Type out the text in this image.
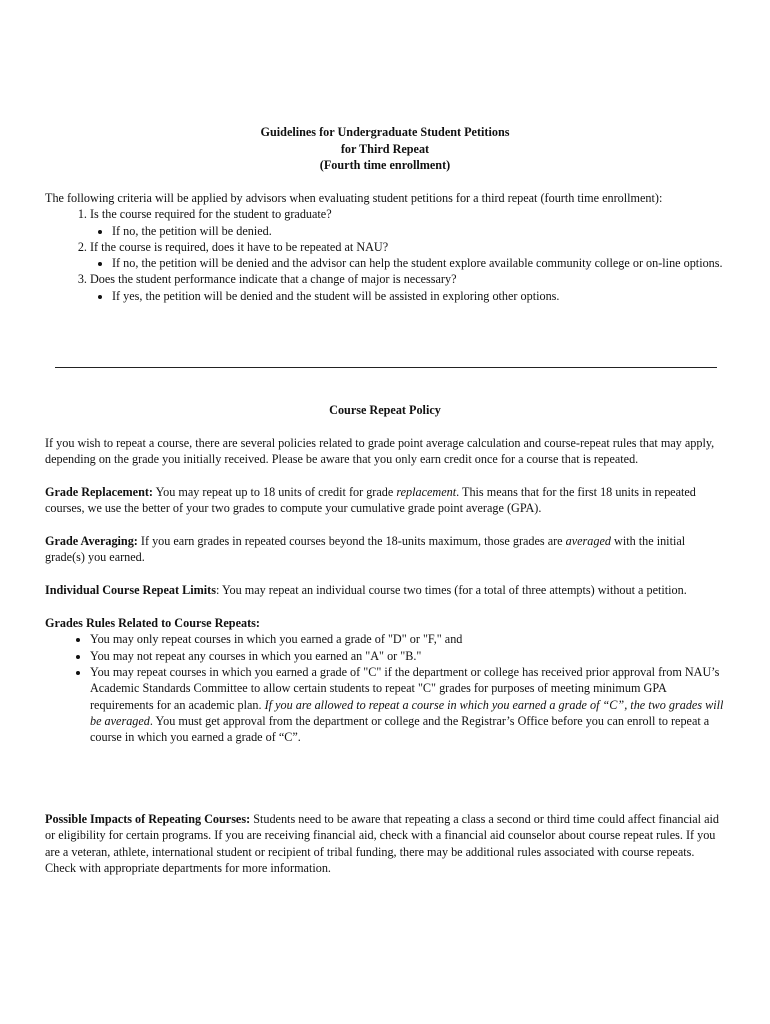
Guidelines for Undergraduate Student Petitions
for Third Repeat
(Fourth time enrollment)
The following criteria will be applied by advisors when evaluating student petitions for a third repeat (fourth time enrollment):
1. Is the course required for the student to graduate?
• If no, the petition will be denied.
2. If the course is required, does it have to be repeated at NAU?
• If no, the petition will be denied and the advisor can help the student explore available community college or on-line options.
3. Does the student performance indicate that a change of major is necessary?
• If yes, the petition will be denied and the student will be assisted in exploring other options.
Course Repeat Policy

If you wish to repeat a course, there are several policies related to grade point average calculation and course-repeat rules that may apply, depending on the grade you initially received. Please be aware that you only earn credit once for a course that is repeated.

Grade Replacement: You may repeat up to 18 units of credit for grade replacement. This means that for the first 18 units in repeated courses, we use the better of your two grades to compute your cumulative grade point average (GPA).

Grade Averaging: If you earn grades in repeated courses beyond the 18-units maximum, those grades are averaged with the initial grade(s) you earned.

Individual Course Repeat Limits: You may repeat an individual course two times (for a total of three attempts) without a petition.

Grades Rules Related to Course Repeats:
• You may only repeat courses in which you earned a grade of "D" or "F," and
• You may not repeat any courses in which you earned an "A" or "B."
• You may repeat courses in which you earned a grade of "C" if the department or college has received prior approval from NAU’s Academic Standards Committee to allow certain students to repeat "C" grades for purposes of meeting minimum GPA requirements for an academic plan. If you are allowed to repeat a course in which you earned a grade of “C”, the two grades will be averaged. You must get approval from the department or college and the Registrar’s Office before you can enroll to repeat a course in which you earned a grade of “C”.
Possible Impacts of Repeating Courses: Students need to be aware that repeating a class a second or third time could affect financial aid or eligibility for certain programs. If you are receiving financial aid, check with a financial aid counselor about course repeat rules. If you are a veteran, athlete, international student or recipient of tribal funding, there may be additional rules associated with course repeats. Check with appropriate departments for more information.
